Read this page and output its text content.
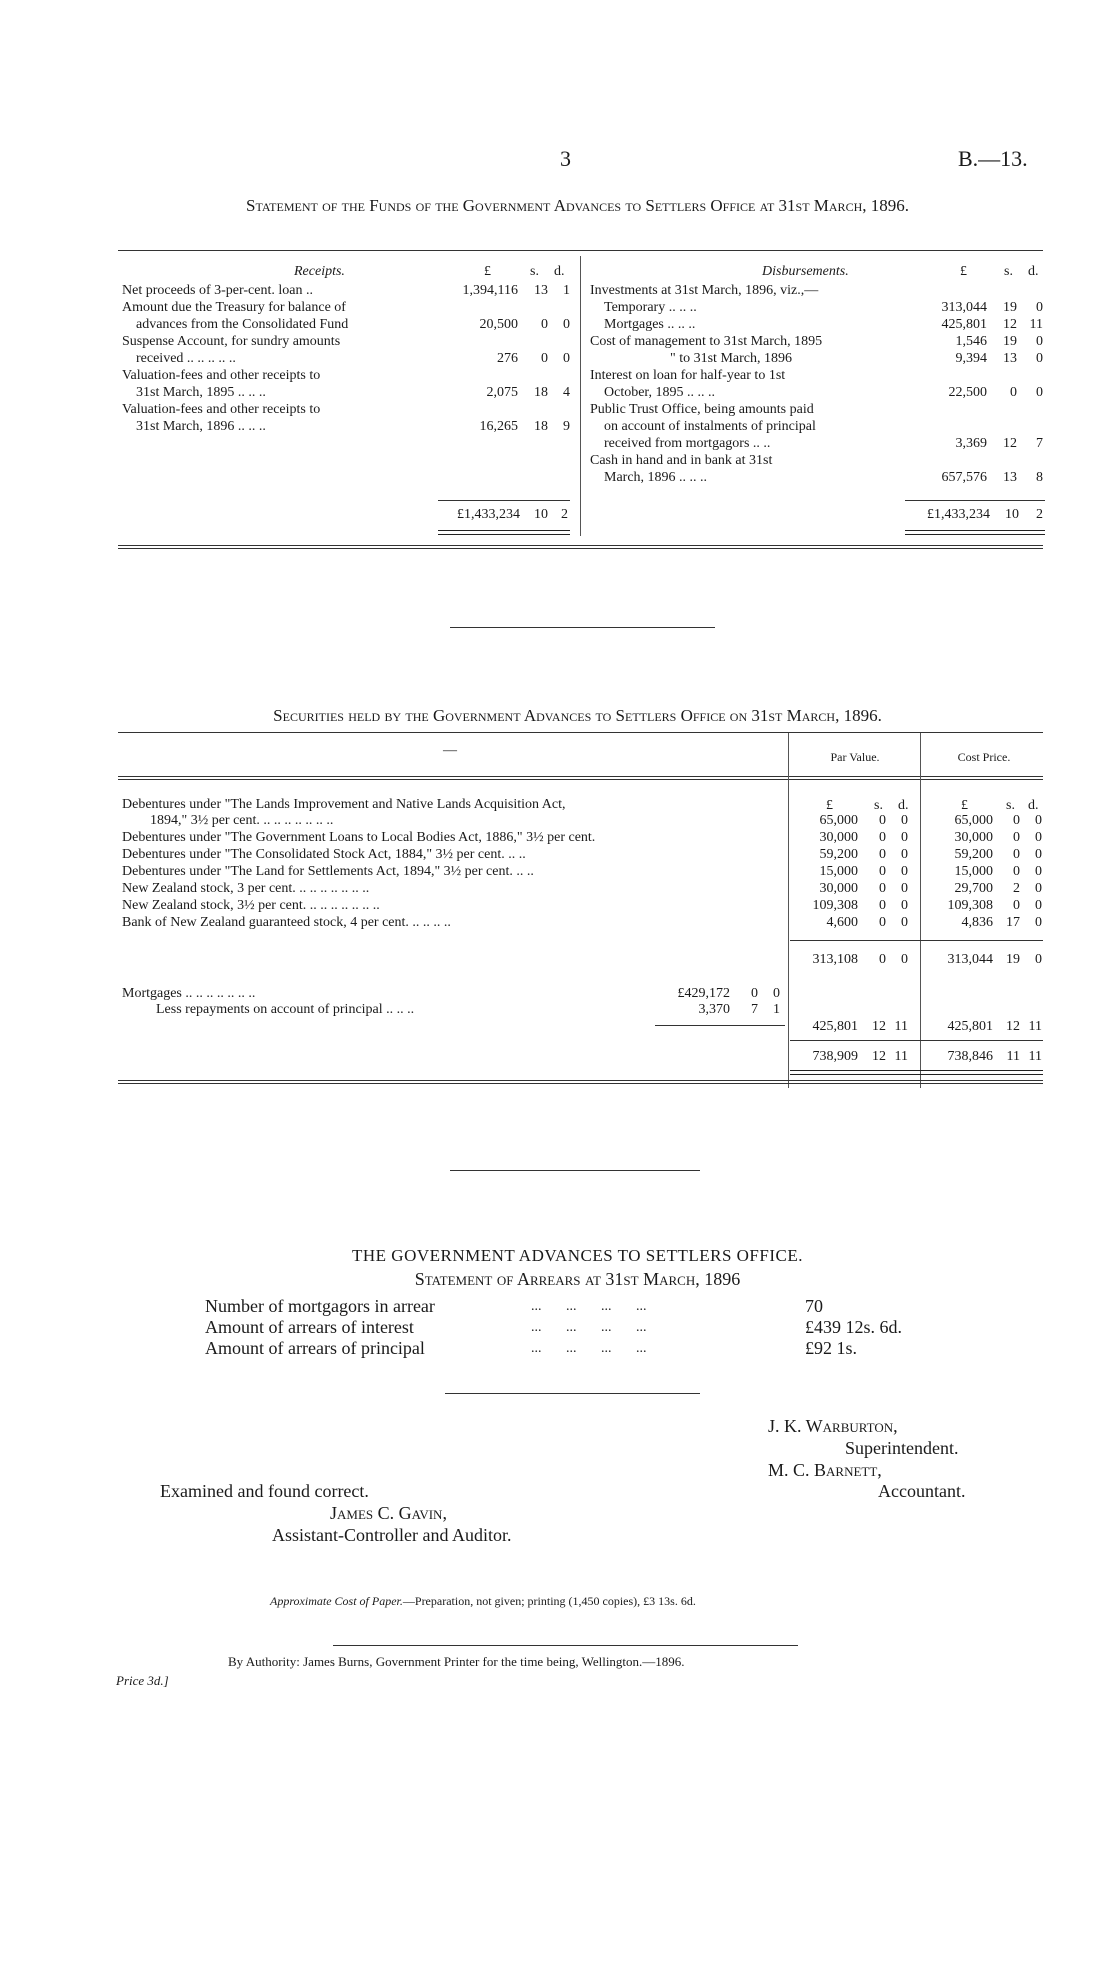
3	B.—13.
Statement of the Funds of the Government Advances to Settlers Office at 31st March, 1896.
Receipts.	£	s. d.
Net proceeds of 3-per-cent. loan ..	1,394,116	13	1
Amount due the Treasury for balance of
advances from the Consolidated Fund	20,500	0	0
Suspense Account, for sundry amounts
received .. .. .. .. ..	276	0	0
Valuation-fees and other receipts to
31st March, 1895 .. .. ..	2,075	18	4
Valuation-fees and other receipts to
31st March, 1896 .. .. ..	16,265	18	9
£1,433,234	10 2
Disbursements.	£	s. d.
Investments at 31st March, 1896, viz.,—
Temporary .. .. ..	313,044	19	0
Mortgages .. .. ..	425,801	12 11
Cost of management to 31st March, 1895	1,546	19	0
" to 31st March, 1896	9,394	13	0
Interest on loan for half-year to 1st
October, 1895 .. .. ..	22,500	0	0
Public Trust Office, being amounts paid
on account of instalments of principal
received from mortgagors .. ..	3,369	12	7
Cash in hand and in bank at 31st
March, 1896 .. .. ..	657,576	13	8
£1,433,234	10	2
Securities held by the Government Advances to Settlers Office on 31st March, 1896.
—	Par Value.	Cost Price.
£	s. d.	£	s. d.
Debentures under "The Lands Improvement and Native Lands Acquisition Act,
1894," 3½ per cent. .. .. .. .. .. .. ..	65,000	0	0	65,000	0	0
Debentures under "The Government Loans to Local Bodies Act, 1886," 3½ per cent.	30,000	0	0	30,000	0	0
Debentures under "The Consolidated Stock Act, 1884," 3½ per cent. .. ..	59,200	0	0	59,200	0	0
Debentures under "The Land for Settlements Act, 1894," 3½ per cent. .. ..	15,000	0	0	15,000	0	0
New Zealand stock, 3 per cent. .. .. .. .. .. .. ..	30,000	0	0	29,700	2	0
New Zealand stock, 3½ per cent. .. .. .. .. .. .. ..	109,308	0	0	109,308	0	0
Bank of New Zealand guaranteed stock, 4 per cent. .. .. .. ..	4,600	0	0	4,836 17	0
313,108	0	0	313,044 19	0
Mortgages .. .. .. .. .. .. ..	£429,172	0	0
Less repayments on account of principal .. .. ..	3,370	7	1
425,801	12 11	425,801 12 11
738,909	12 11	738,846 11 11
THE GOVERNMENT ADVANCES TO SETTLERS OFFICE.
Statement of Arrears at 31st March, 1896
Number of mortgagors in arrear	...       ...       ...       ...	70
Amount of arrears of interest	...       ...       ...       ...	£439 12s. 6d.
Amount of arrears of principal	...       ...       ...       ...	£92 1s.
J. K. Warburton,
Superintendent.
M. C. Barnett,
Accountant.
Examined and found correct.
James C. Gavin,
Assistant-Controller and Auditor.
Approximate Cost of Paper.—Preparation, not given; printing (1,450 copies), £3 13s. 6d.
By Authority: James Burns, Government Printer for the time being, Wellington.—1896.
Price 3d.]
